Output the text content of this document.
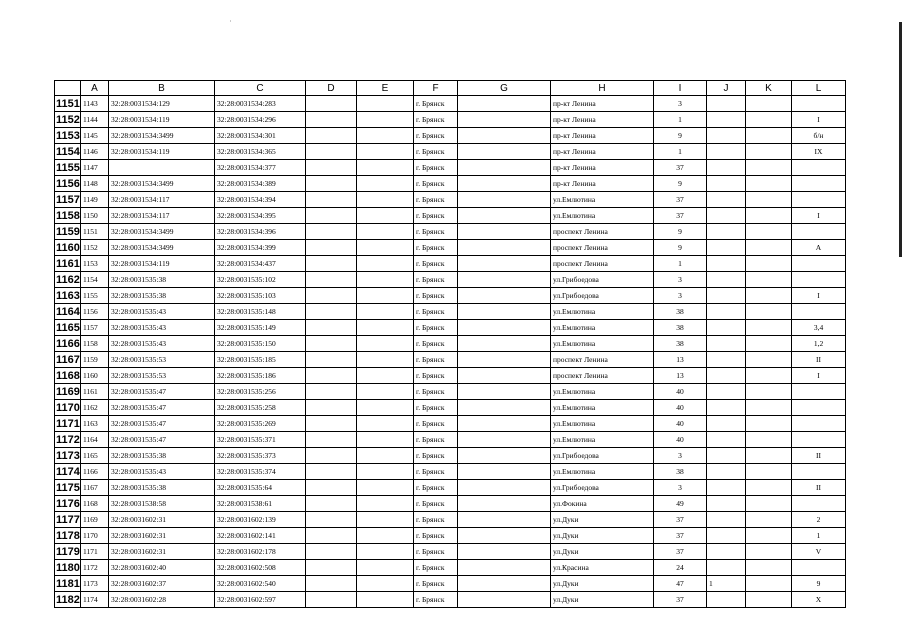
	A	B	C	D	E	F	G	H	I	J	K	L
1151	1143	32:28:0031534:129	32:28:0031534:283			г. Брянск		пр-кт Ленина	3			
1152	1144	32:28:0031534:119	32:28:0031534:296			г. Брянск		пр-кт Ленина	1			I
1153	1145	32:28:0031534:3499	32:28:0031534:301			г. Брянск		пр-кт Ленина	9			б/н
1154	1146	32:28:0031534:119	32:28:0031534:365			г. Брянск		пр-кт Ленина	1			IX
1155	1147		32:28:0031534:377			г. Брянск		пр-кт Ленина	37			
1156	1148	32:28:0031534:3499	32:28:0031534:389			г. Брянск		пр-кт Ленина	9			
1157	1149	32:28:0031534:117	32:28:0031534:394			г. Брянск		ул.Емлютина	37			
1158	1150	32:28:0031534:117	32:28:0031534:395			г. Брянск		ул.Емлютина	37			I
1159	1151	32:28:0031534:3499	32:28:0031534:396			г. Брянск		проспект Ленина	9			
1160	1152	32:28:0031534:3499	32:28:0031534:399			г. Брянск		проспект Ленина	9			А
1161	1153	32:28:0031534:119	32:28:0031534:437			г. Брянск		проспект Ленина	1			
1162	1154	32:28:0031535:38	32:28:0031535:102			г. Брянск		ул.Грибоедова	3			
1163	1155	32:28:0031535:38	32:28:0031535:103			г. Брянск		ул.Грибоедова	3			I
1164	1156	32:28:0031535:43	32:28:0031535:148			г. Брянск		ул.Емлютина	38			
1165	1157	32:28:0031535:43	32:28:0031535:149			г. Брянск		ул.Емлютина	38			3,4
1166	1158	32:28:0031535:43	32:28:0031535:150			г. Брянск		ул.Емлютина	38			1,2
1167	1159	32:28:0031535:53	32:28:0031535:185			г. Брянск		проспект Ленина	13			II
1168	1160	32:28:0031535:53	32:28:0031535:186			г. Брянск		проспект Ленина	13			I
1169	1161	32:28:0031535:47	32:28:0031535:256			г. Брянск		ул.Емлютина	40			
1170	1162	32:28:0031535:47	32:28:0031535:258			г. Брянск		ул.Емлютина	40			
1171	1163	32:28:0031535:47	32:28:0031535:269			г. Брянск		ул.Емлютина	40			
1172	1164	32:28:0031535:47	32:28:0031535:371			г. Брянск		ул.Емлютина	40			
1173	1165	32:28:0031535:38	32:28:0031535:373			г. Брянск		ул.Грибоедова	3			II
1174	1166	32:28:0031535:43	32:28:0031535:374			г. Брянск		ул.Емлютина	38			
1175	1167	32:28:0031535:38	32:28:0031535:64			г. Брянск		ул.Грибоедова	3			II
1176	1168	32:28:0031538:58	32:28:0031538:61			г. Брянск		ул.Фокина	49			
1177	1169	32:28:0031602:31	32:28:0031602:139			г. Брянск		ул.Дуки	37			2
1178	1170	32:28:0031602:31	32:28:0031602:141			г. Брянск		ул.Дуки	37			1
1179	1171	32:28:0031602:31	32:28:0031602:178			г. Брянск		ул.Дуки	37			V
1180	1172	32:28:0031602:40	32:28:0031602:508			г. Брянск		ул.Красина	24			
1181	1173	32:28:0031602:37	32:28:0031602:540			г. Брянск		ул.Дуки	47	1		9
1182	1174	32:28:0031602:28	32:28:0031602:597			г. Брянск		ул.Дуки	37			X
